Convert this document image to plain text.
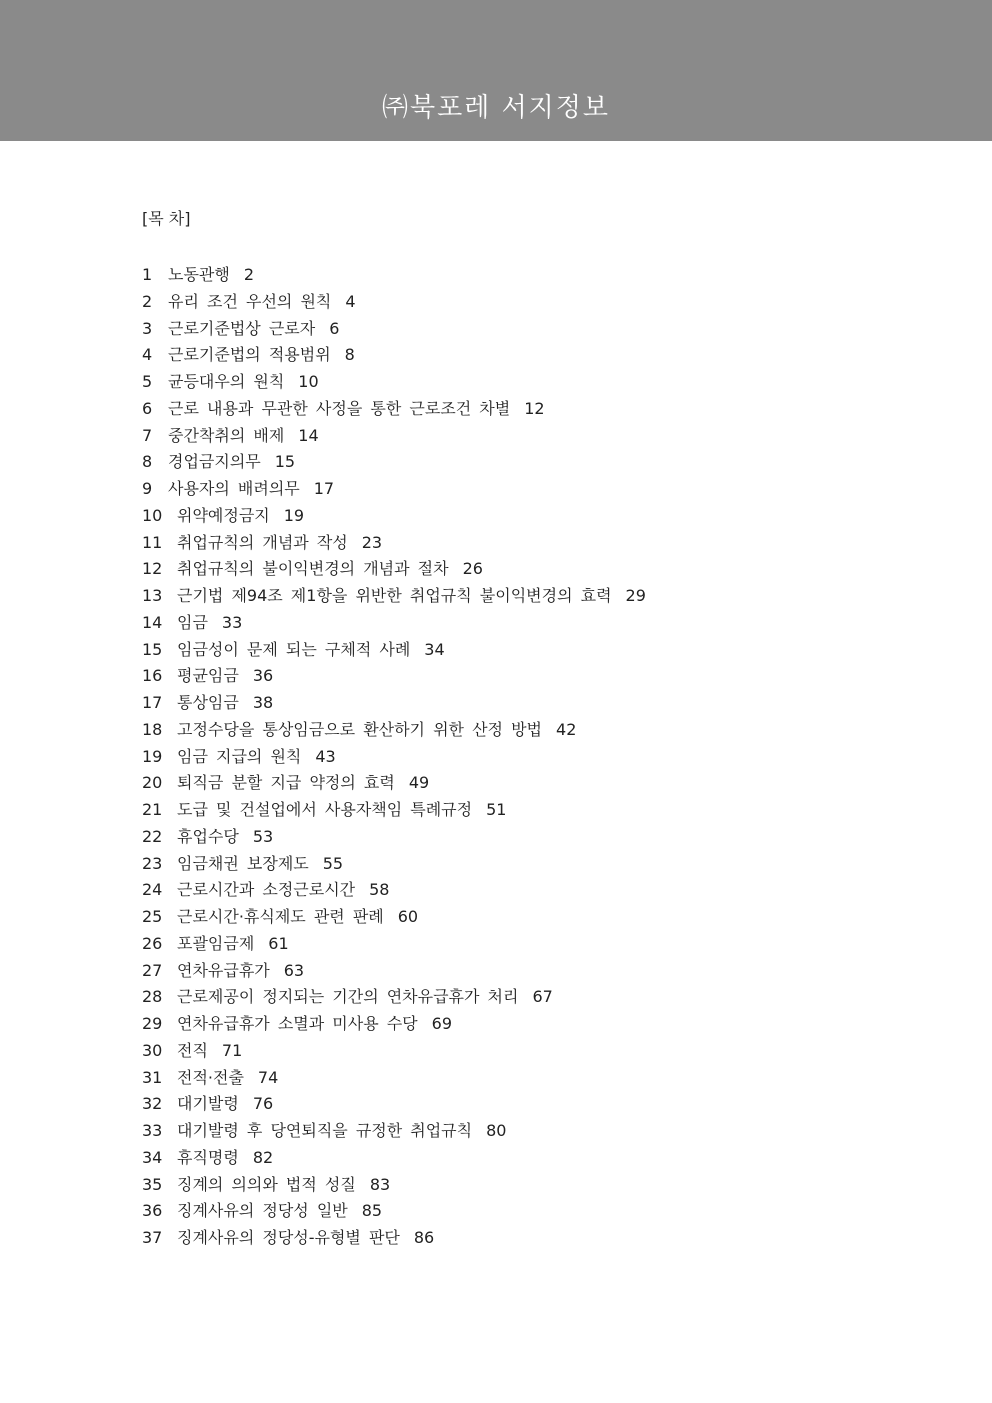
㈜북포레 서지정보
[목 차]
1 노동관행 2
2 유리 조건 우선의 원칙 4
3 근로기준법상 근로자 6
4 근로기준법의 적용범위 8
5 균등대우의 원칙 10
6 근로 내용과 무관한 사정을 통한 근로조건 차별 12
7 중간착취의 배제 14
8 경업금지의무 15
9 사용자의 배려의무 17
10 위약예정금지 19
11 취업규칙의 개념과 작성 23
12 취업규칙의 불이익변경의 개념과 절차 26
13 근기법 제94조 제1항을 위반한 취업규칙 불이익변경의 효력 29
14 임금 33
15 임금성이 문제 되는 구체적 사례 34
16 평균임금 36
17 통상임금 38
18 고정수당을 통상임금으로 환산하기 위한 산정 방법 42
19 임금 지급의 원칙 43
20 퇴직금 분할 지급 약정의 효력 49
21 도급 및 건설업에서 사용자책임 특례규정 51
22 휴업수당 53
23 임금채권 보장제도 55
24 근로시간과 소정근로시간 58
25 근로시간·휴식제도 관련 판례 60
26 포괄임금제 61
27 연차유급휴가 63
28 근로제공이 정지되는 기간의 연차유급휴가 처리 67
29 연차유급휴가 소멸과 미사용 수당 69
30 전직 71
31 전적·전출 74
32 대기발령 76
33 대기발령 후 당연퇴직을 규정한 취업규칙 80
34 휴직명령 82
35 징계의 의의와 법적 성질 83
36 징계사유의 정당성 일반 85
37 징계사유의 정당성-유형별 판단 86
